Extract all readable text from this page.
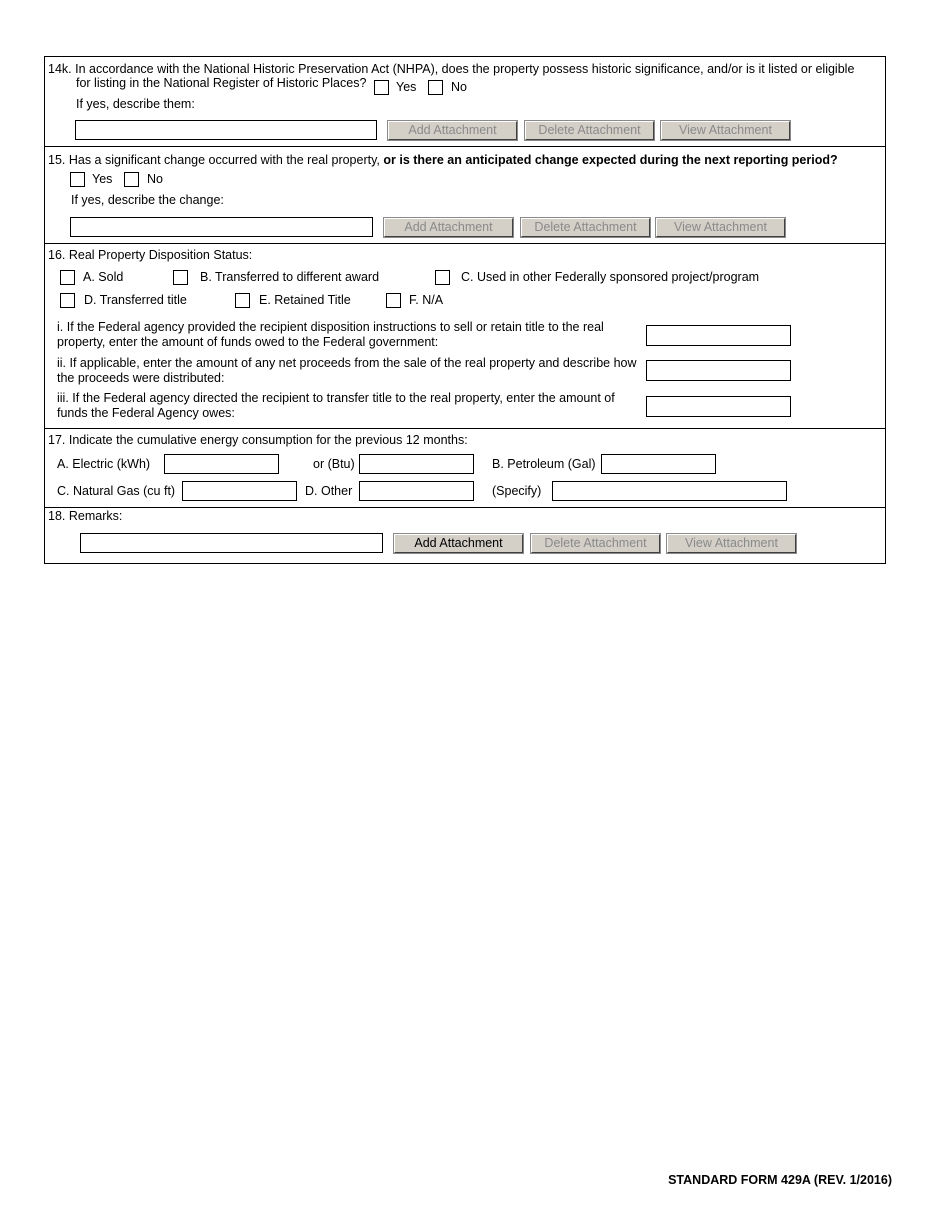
14k. In accordance with the National Historic Preservation Act (NHPA), does the property possess historic significance, and/or is it listed or eligible
for listing in the National Register of Historic Places? Yes	No
If yes, describe them:
Add Attachment	Delete Attachment	View Attachment
15. Has a significant change occurred with the real property, or is there an anticipated change expected during the next reporting period?
Yes	No
If yes, describe the change:
Add Attachment	Delete Attachment	View Attachment
16. Real Property Disposition Status:
A. Sold	B. Transferred to different award	C. Used in other Federally sponsored project/program
D. Transferred title	E. Retained Title	F. N/A
i. If the Federal agency provided the recipient disposition instructions to sell or retain title to the real
property, enter the amount of funds owed to the Federal government:
ii. If applicable, enter the amount of any net proceeds from the sale of the real property and describe how
the proceeds were distributed:
iii. If the Federal agency directed the recipient to transfer title to the real property, enter the amount of
funds the Federal Agency owes:
17. Indicate the cumulative energy consumption for the previous 12 months:
A. Electric (kWh)	or (Btu)	B. Petroleum (Gal)
C. Natural Gas (cu ft)	D. Other	(Specify)
18. Remarks:
Add Attachment	Delete Attachment	View Attachment
STANDARD FORM 429A (REV. 1/2016)
